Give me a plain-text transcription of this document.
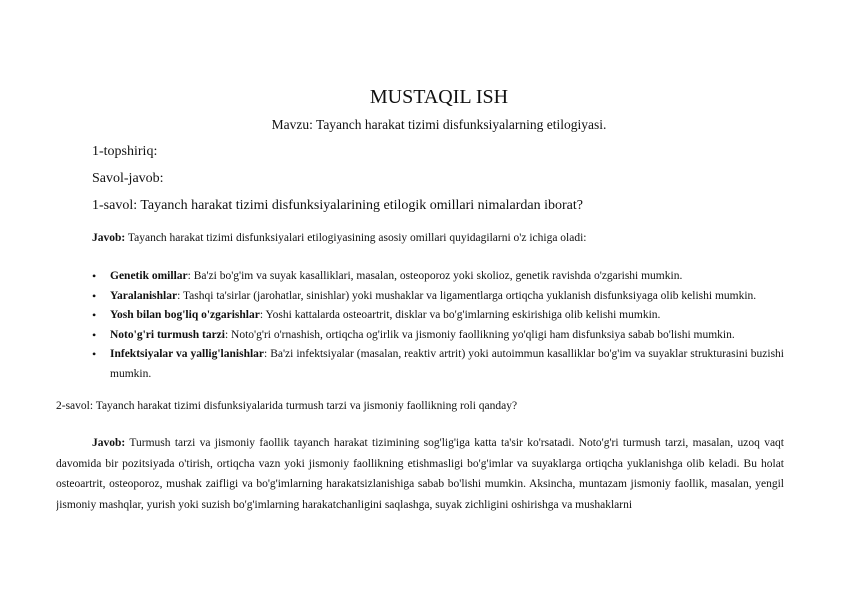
MUSTAQIL ISH
Mavzu: Tayanch harakat tizimi disfunksiyalarning etilogiyasi.
1-topshiriq:
Savol-javob:
1-savol: Tayanch harakat tizimi disfunksiyalarining etilogik omillari nimalardan iborat?
Javob: Tayanch harakat tizimi disfunksiyalari etilogiyasining asosiy omillari quyidagilarni o'z ichiga oladi:
• Genetik omillar: Ba'zi bo'g'im va suyak kasalliklari, masalan, osteoporoz yoki skolioz, genetik ravishda o'zgarishi mumkin.
• Yaralanishlar: Tashqi ta'sirlar (jarohatlar, sinishlar) yoki mushaklar va ligamentlarga ortiqcha yuklanish disfunksiyaga olib kelishi mumkin.
• Yosh bilan bog'liq o'zgarishlar: Yoshi kattalarda osteoartrit, disklar va bo'g'imlarning eskirishiga olib kelishi mumkin.
• Noto'g'ri turmush tarzi: Noto'g'ri o'rnashish, ortiqcha og'irlik va jismoniy faollikning yo'qligi ham disfunksiya sabab bo'lishi mumkin.
• Infektsiyalar va yallig'lanishlar: Ba'zi infektsiyalar (masalan, reaktiv artrit) yoki autoimmun kasalliklar bo'g'im va suyaklar strukturasini buzishi mumkin.
2-savol: Tayanch harakat tizimi disfunksiyalarida turmush tarzi va jismoniy faollikning roli qanday?
Javob: Turmush tarzi va jismoniy faollik tayanch harakat tizimining sog'lig'iga katta ta'sir ko'rsatadi. Noto'g'ri turmush tarzi, masalan, uzoq vaqt davomida bir pozitsiyada o'tirish, ortiqcha vazn yoki jismoniy faollikning etishmasligi bo'g'imlar va suyaklarga ortiqcha yuklanishga olib keladi. Bu holat osteoartrit, osteoporoz, mushak zaifligi va bo'g'imlarning harakatsizlanishiga sabab bo'lishi mumkin. Aksincha, muntazam jismoniy faollik, masalan, yengil jismoniy mashqlar, yurish yoki suzish bo'g'imlarning harakatchanligini saqlashga, suyak zichligini oshirishga va mushaklarni
